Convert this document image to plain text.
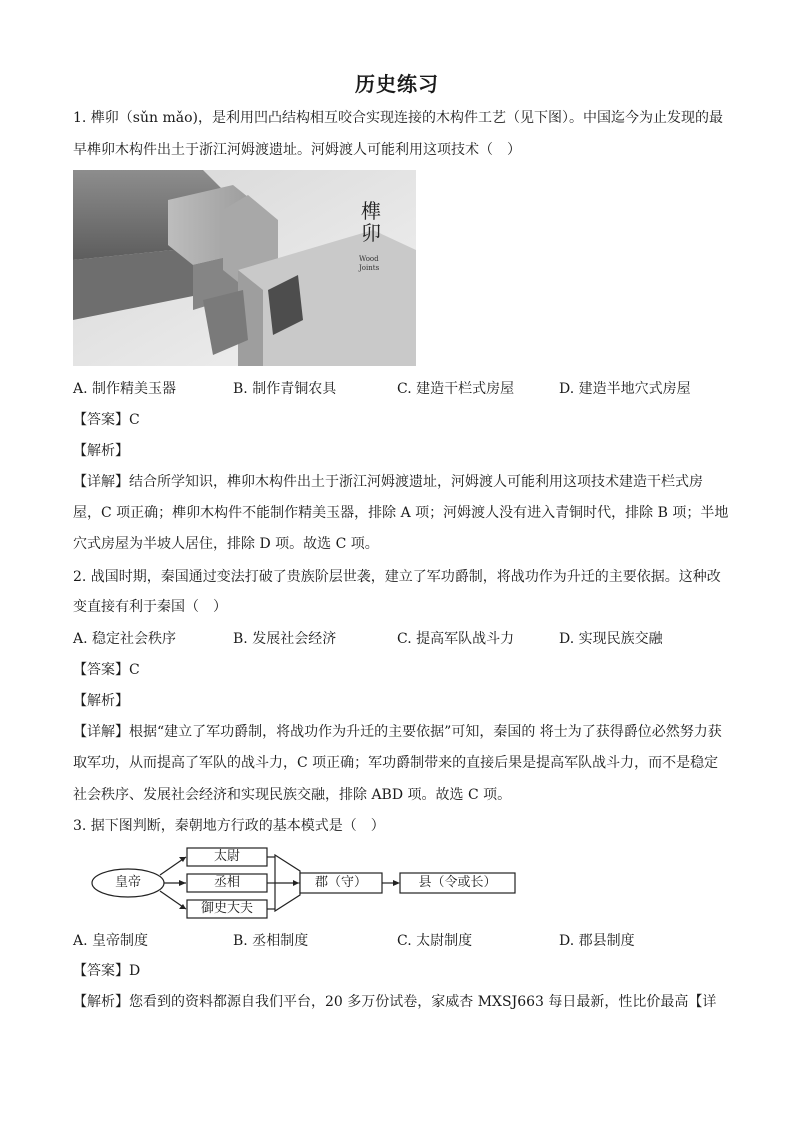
历史练习
1. 榫卯（sǔn mǎo)，是利用凹凸结构相互咬合实现连接的木构件工艺（见下图）。中国迄今为止发现的最
早榫卯木构件出土于浙江河姆渡遗址。河姆渡人可能利用这项技术（　）
榫卯
Wood
Joints
A. 制作精美玉器	B. 制作青铜农具	C. 建造干栏式房屋	D. 建造半地穴式房屋
【答案】C
【解析】
【详解】结合所学知识，榫卯木构件出土于浙江河姆渡遗址，河姆渡人可能利用这项技术建造干栏式房
屋，C 项正确；榫卯木构件不能制作精美玉器，排除 A 项；河姆渡人没有进入青铜时代，排除 B 项；半地
穴式房屋为半坡人居住，排除 D 项。故选 C 项。
2. 战国时期，秦国通过变法打破了贵族阶层世袭，建立了军功爵制，将战功作为升迁的主要依据。这种改
变直接有利于秦国（　）
A. 稳定社会秩序	B. 发展社会经济	C. 提高军队战斗力	D. 实现民族交融
【答案】C
【解析】
【详解】根据“建立了军功爵制，将战功作为升迁的主要依据”可知，秦国的 将士为了获得爵位必然努力获
取军功，从而提高了军队的战斗力，C 项正确；军功爵制带来的直接后果是提高军队战斗力，而不是稳定
社会秩序、发展社会经济和实现民族交融，排除 ABD 项。故选 C 项。
3. 据下图判断，秦朝地方行政的基本模式是（　）
皇帝
太尉
丞相
御史大夫
郡（守）	县（令或长）
A. 皇帝制度	B. 丞相制度	C. 太尉制度	D. 郡县制度
【答案】D
【解析】您看到的资料都源自我们平台，20 多万份试卷，家威杏 MXSJ663 每日最新，性比价最高【详
